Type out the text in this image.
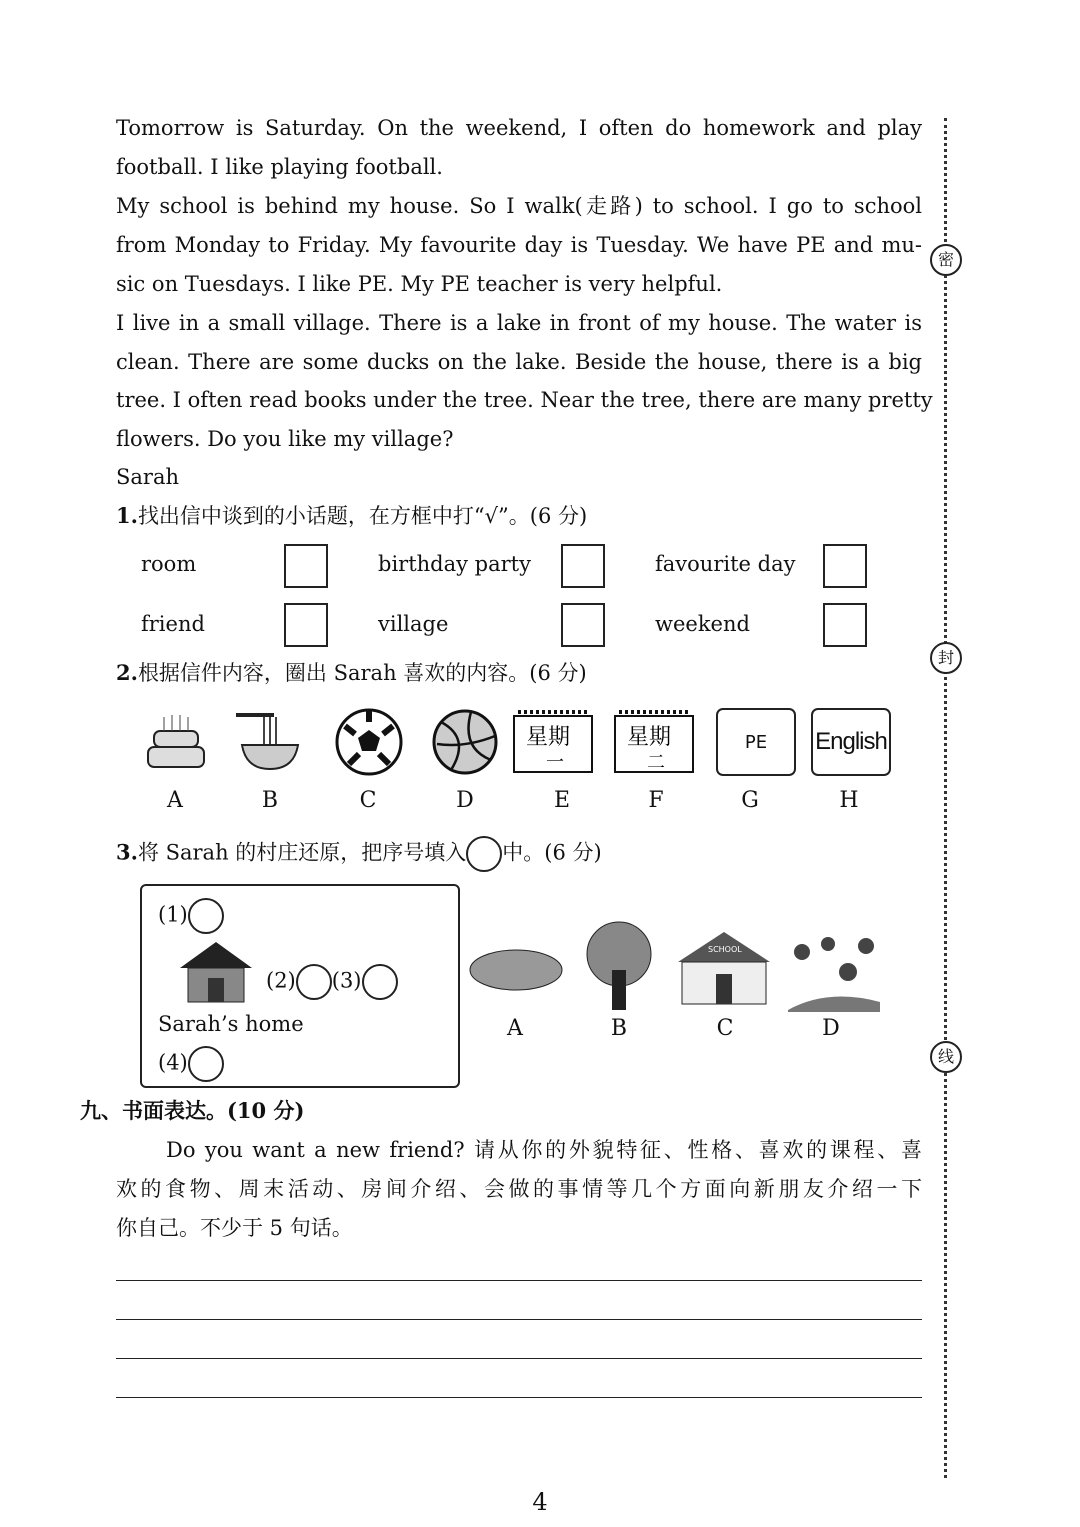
Tomorrow is Saturday. On the weekend, I often do homework and play
football. I like playing football.
My school is behind my house. So I walk(走路) to school. I go to school
from Monday to Friday. My favourite day is Tuesday. We have PE and mu-
sic on Tuesdays. I like PE. My PE teacher is very helpful.
I live in a small village. There is a lake in front of my house. The water is
clean. There are some ducks on the lake. Beside the house, there is a big
tree. I often read books under the tree. Near the tree, there are many pretty
flowers. Do you like my village?
Sarah
1.找出信中谈到的小话题，在方框中打“√”。(6 分)
room	birthday party	favourite day
friend	village	weekend
2.根据信件内容，圈出 Sarah 喜欢的内容。(6 分)
星期
一
星期
二
PE	English
A	B	C	D	E	F	G	H
3.将 Sarah 的村庄还原，把序号填入 中。(6 分)
(1)
(2) (3)
Sarah’s home
(4)
SCHOOL
A	B	C	D
九、书面表达。(10 分)
Do you want a new friend? 请从你的外貌特征、性格、喜欢的课程、喜
欢的食物、周末活动、房间介绍、会做的事情等几个方面向新朋友介绍一下
你自己。不少于 5 句话。
密
封
线
4
